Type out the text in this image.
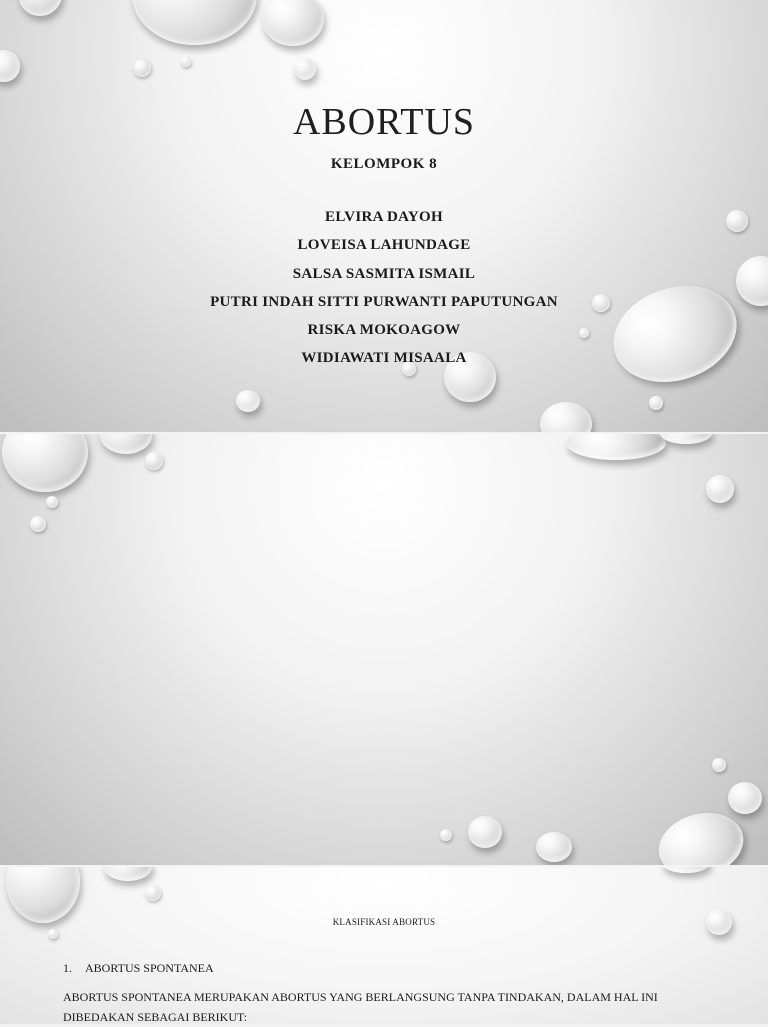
ABORTUS
KELOMPOK 8
ELVIRA DAYOH
LOVEISA LAHUNDAGE
SALSA SASMITA ISMAIL
PUTRI INDAH SITTI PURWANTI PAPUTUNGAN
RISKA MOKOAGOW
WIDIAWATI MISAALA
KLASIFIKASI ABORTUS
1. ABORTUS SPONTANEA
ABORTUS SPONTANEA MERUPAKAN ABORTUS YANG BERLANGSUNG TANPA TINDAKAN, DALAM HAL INI DIBEDAKAN SEBAGAI BERIKUT:
